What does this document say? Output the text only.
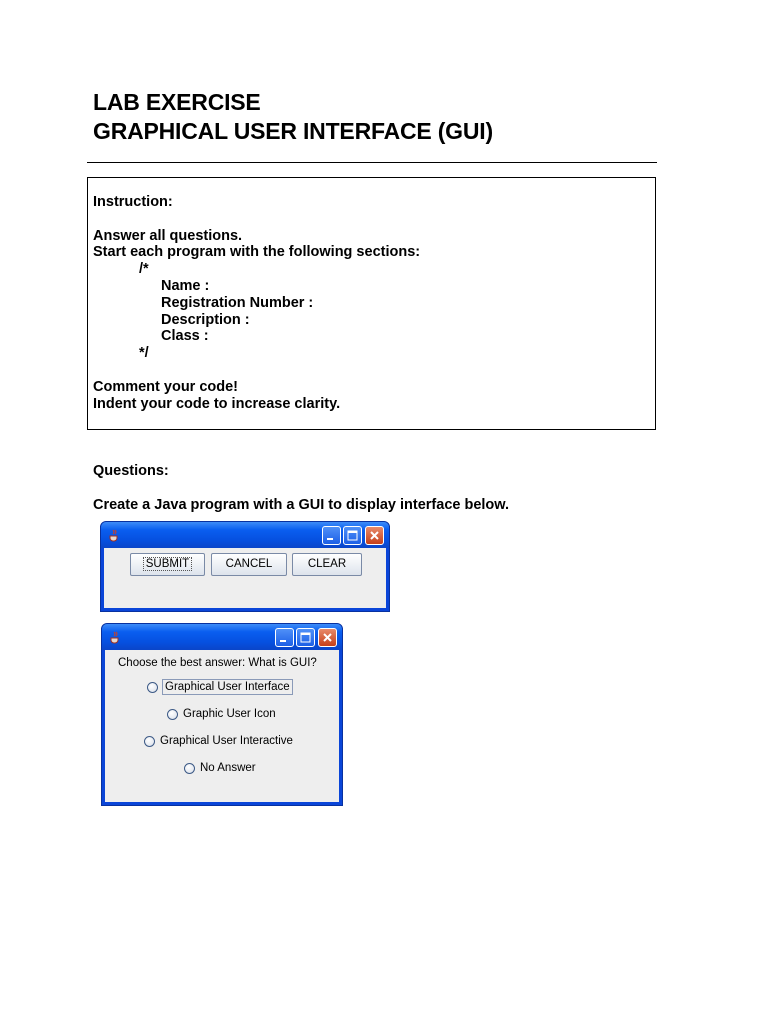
LAB EXERCISE
GRAPHICAL USER INTERFACE (GUI)
Instruction:
Answer all questions.
Start each program with the following sections:
/*
Name :
Registration Number :
Description :
Class :
*/
Comment your code!
Indent your code to increase clarity.
Questions:
Create a Java program with a GUI to display interface below.
SUBMIT	CANCEL	CLEAR
Choose the best answer: What is GUI?
Graphical User Interface
Graphic User Icon
Graphical User Interactive
No Answer
